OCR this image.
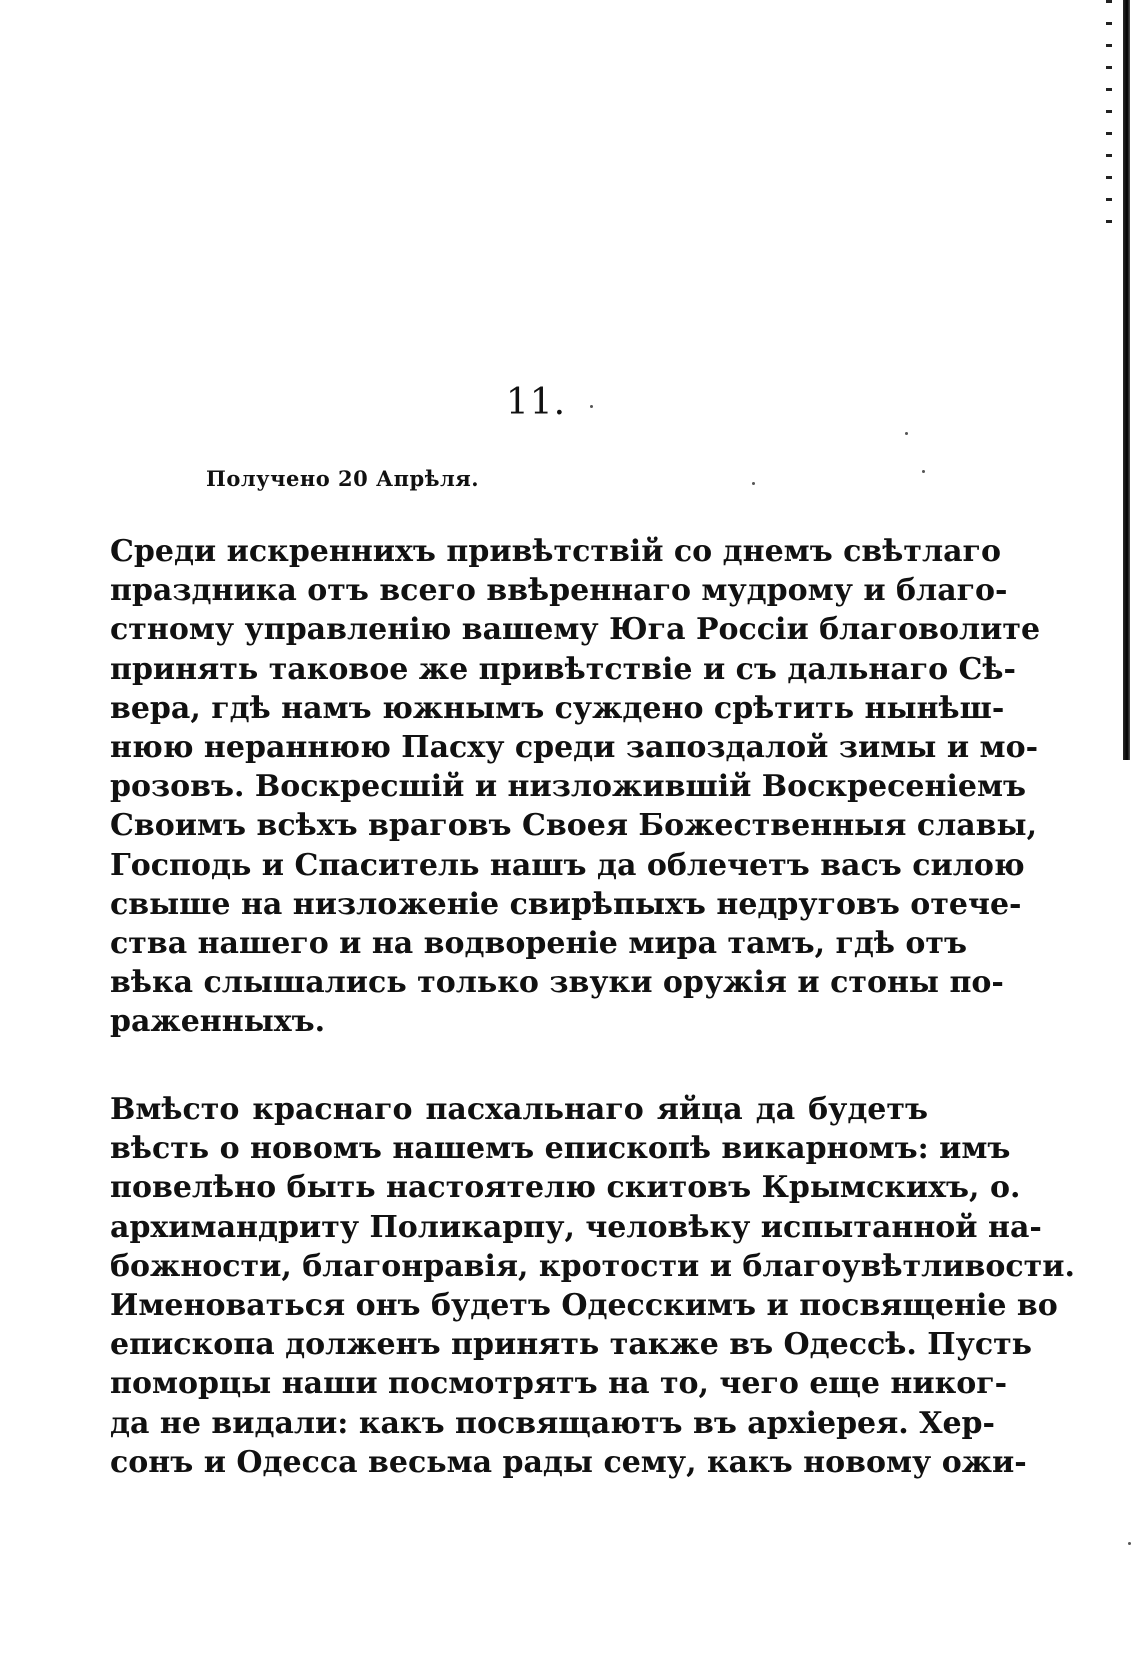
11.
Получено 20 Апрѣля.
Среди искреннихъ привѣтствій со днемъ свѣтлаго
праздника отъ всего ввѣреннаго мудрому и благо-
стному управленію вашему Юга Россіи благоволите
принять таковое же привѣтствіе и съ дальнаго Сѣ-
вера, гдѣ намъ южнымъ суждено срѣтить нынѣш-
нюю нераннюю Пасху среди запоздалой зимы и мо-
розовъ. Воскресшій и низложившій Воскресеніемъ
Своимъ всѣхъ враговъ Своея Божественныя славы,
Господь и Спаситель нашъ да облечетъ васъ силою
свыше на низложеніе свирѣпыхъ недруговъ отече-
ства нашего и на водвореніе мира тамъ, гдѣ отъ
вѣка слышались только звуки оружія и стоны по-
раженныхъ.
Вмѣсто краснаго пасхальнаго яйца да будетъ
вѣсть о новомъ нашемъ епископѣ викарномъ: имъ
повелѣно быть настоятелю скитовъ Крымскихъ, о.
архимандриту Поликарпу, человѣку испытанной на-
божности, благонравія, кротости и благоувѣтливости.
Именоваться онъ будетъ Одесскимъ и посвященіе во
епископа долженъ принять также въ Одессѣ. Пусть
поморцы наши посмотрятъ на то, чего еще никог-
да не видали: какъ посвящаютъ въ архіерея. Хер-
сонъ и Одесса весьма рады сему, какъ новому ожи-
